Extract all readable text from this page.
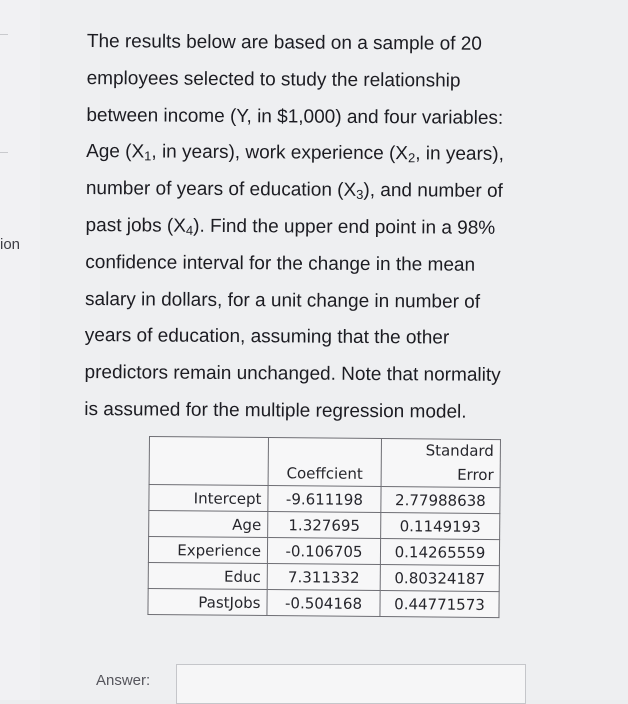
ion

The results below are based on a sample of 20
employees selected to study the relationship
between income (Y, in $1,000) and four variables:
Age ($X_1$, in years), work experience ($X_2$, in years),
number of years of education $(X_3)$, and number of
past jobs $(X_4)$. Find the upper end point in a 98%
confidence interval for the change in the mean
salary in dollars, for a unit change in number of
years of education, assuming that the other
predictors remain unchanged. Note that normality
is assumed for the multiple regression model.

		Standard
	Coeffcient	Error
Intercept	-9.611198	2.77988638
Age	1.327695	0.1149193
Experience	-0.106705	0.14265559
Educ	7.311332	0.80324187
PastJobs	-0.504168	0.44771573
Answer:
